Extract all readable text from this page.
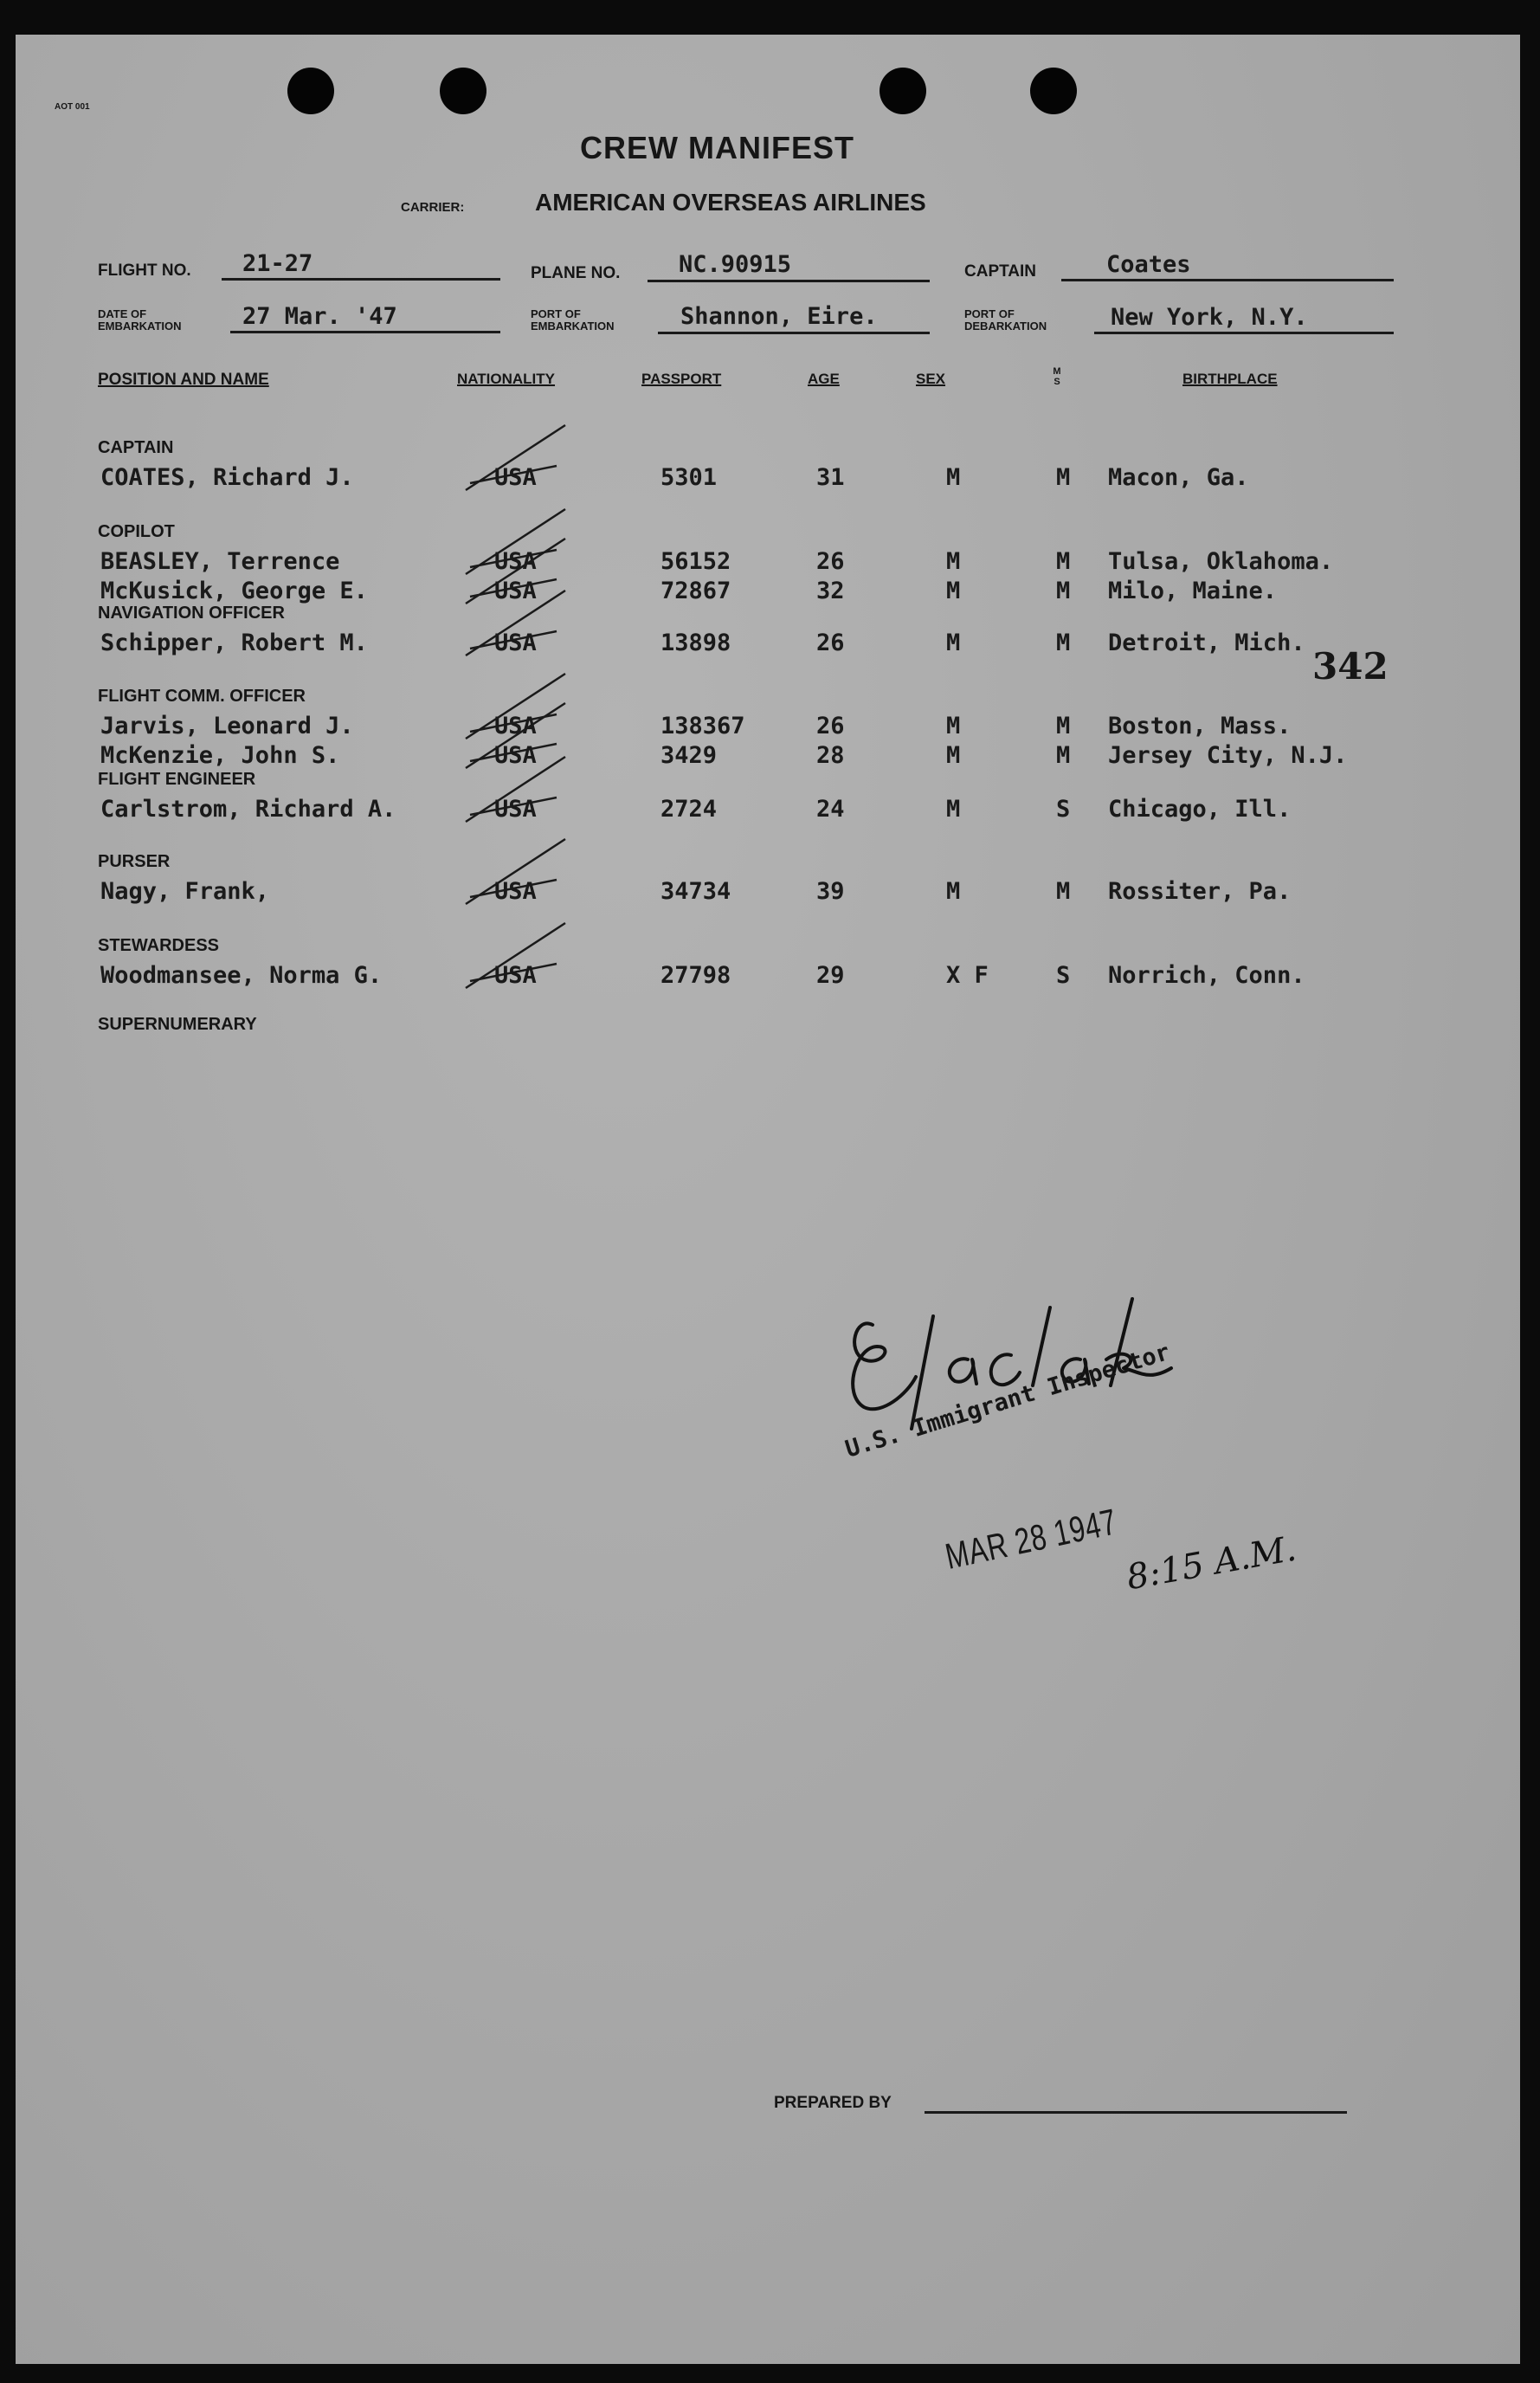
AOT 001
CREW MANIFEST
CARRIER:	AMERICAN OVERSEAS AIRLINES
FLIGHT NO. 21-27	PLANE NO.	NC.90915	CAPTAIN	Coates
DATE OF
EMBARKATION	27 Mar. '47	PORT OF
EMBARKATION	Shannon, Eire.	PORT OF
DEBARKATION	New York, N.Y.
POSITION AND NAME	NATIONALITY	PASSPORT	AGE	SEX	M S	BIRTHPLACE
CAPTAIN
COATES, Richard J.	USA	5301	31	M	M Macon, Ga.
COPILOT
BEASLEY, Terrence	USA	56152	26	M	M Tulsa, Oklahoma.
McKusick, George E.	USA	72867	32	M	M Milo, Maine.
NAVIGATION OFFICER
Schipper, Robert M.	USA	13898	26	M	M Detroit, Mich.
FLIGHT COMM. OFFICER
Jarvis, Leonard J.	USA	138367	26	M	M Boston, Mass.
McKenzie, John S.	USA	3429	28	M	M Jersey City, N.J.
FLIGHT ENGINEER
Carlstrom, Richard A.	USA	2724	24	M	S Chicago, Ill.
PURSER
Nagy, Frank,	USA	34734	39	M	M Rossiter, Pa.
STEWARDESS
Woodmansee, Norma G.	USA	27798	29	X F	S Norrich, Conn.
SUPERNUMERARY
342
U.S. Immigrant Inspector
MAR 28 1947 8:15 A.M.
PREPARED BY
